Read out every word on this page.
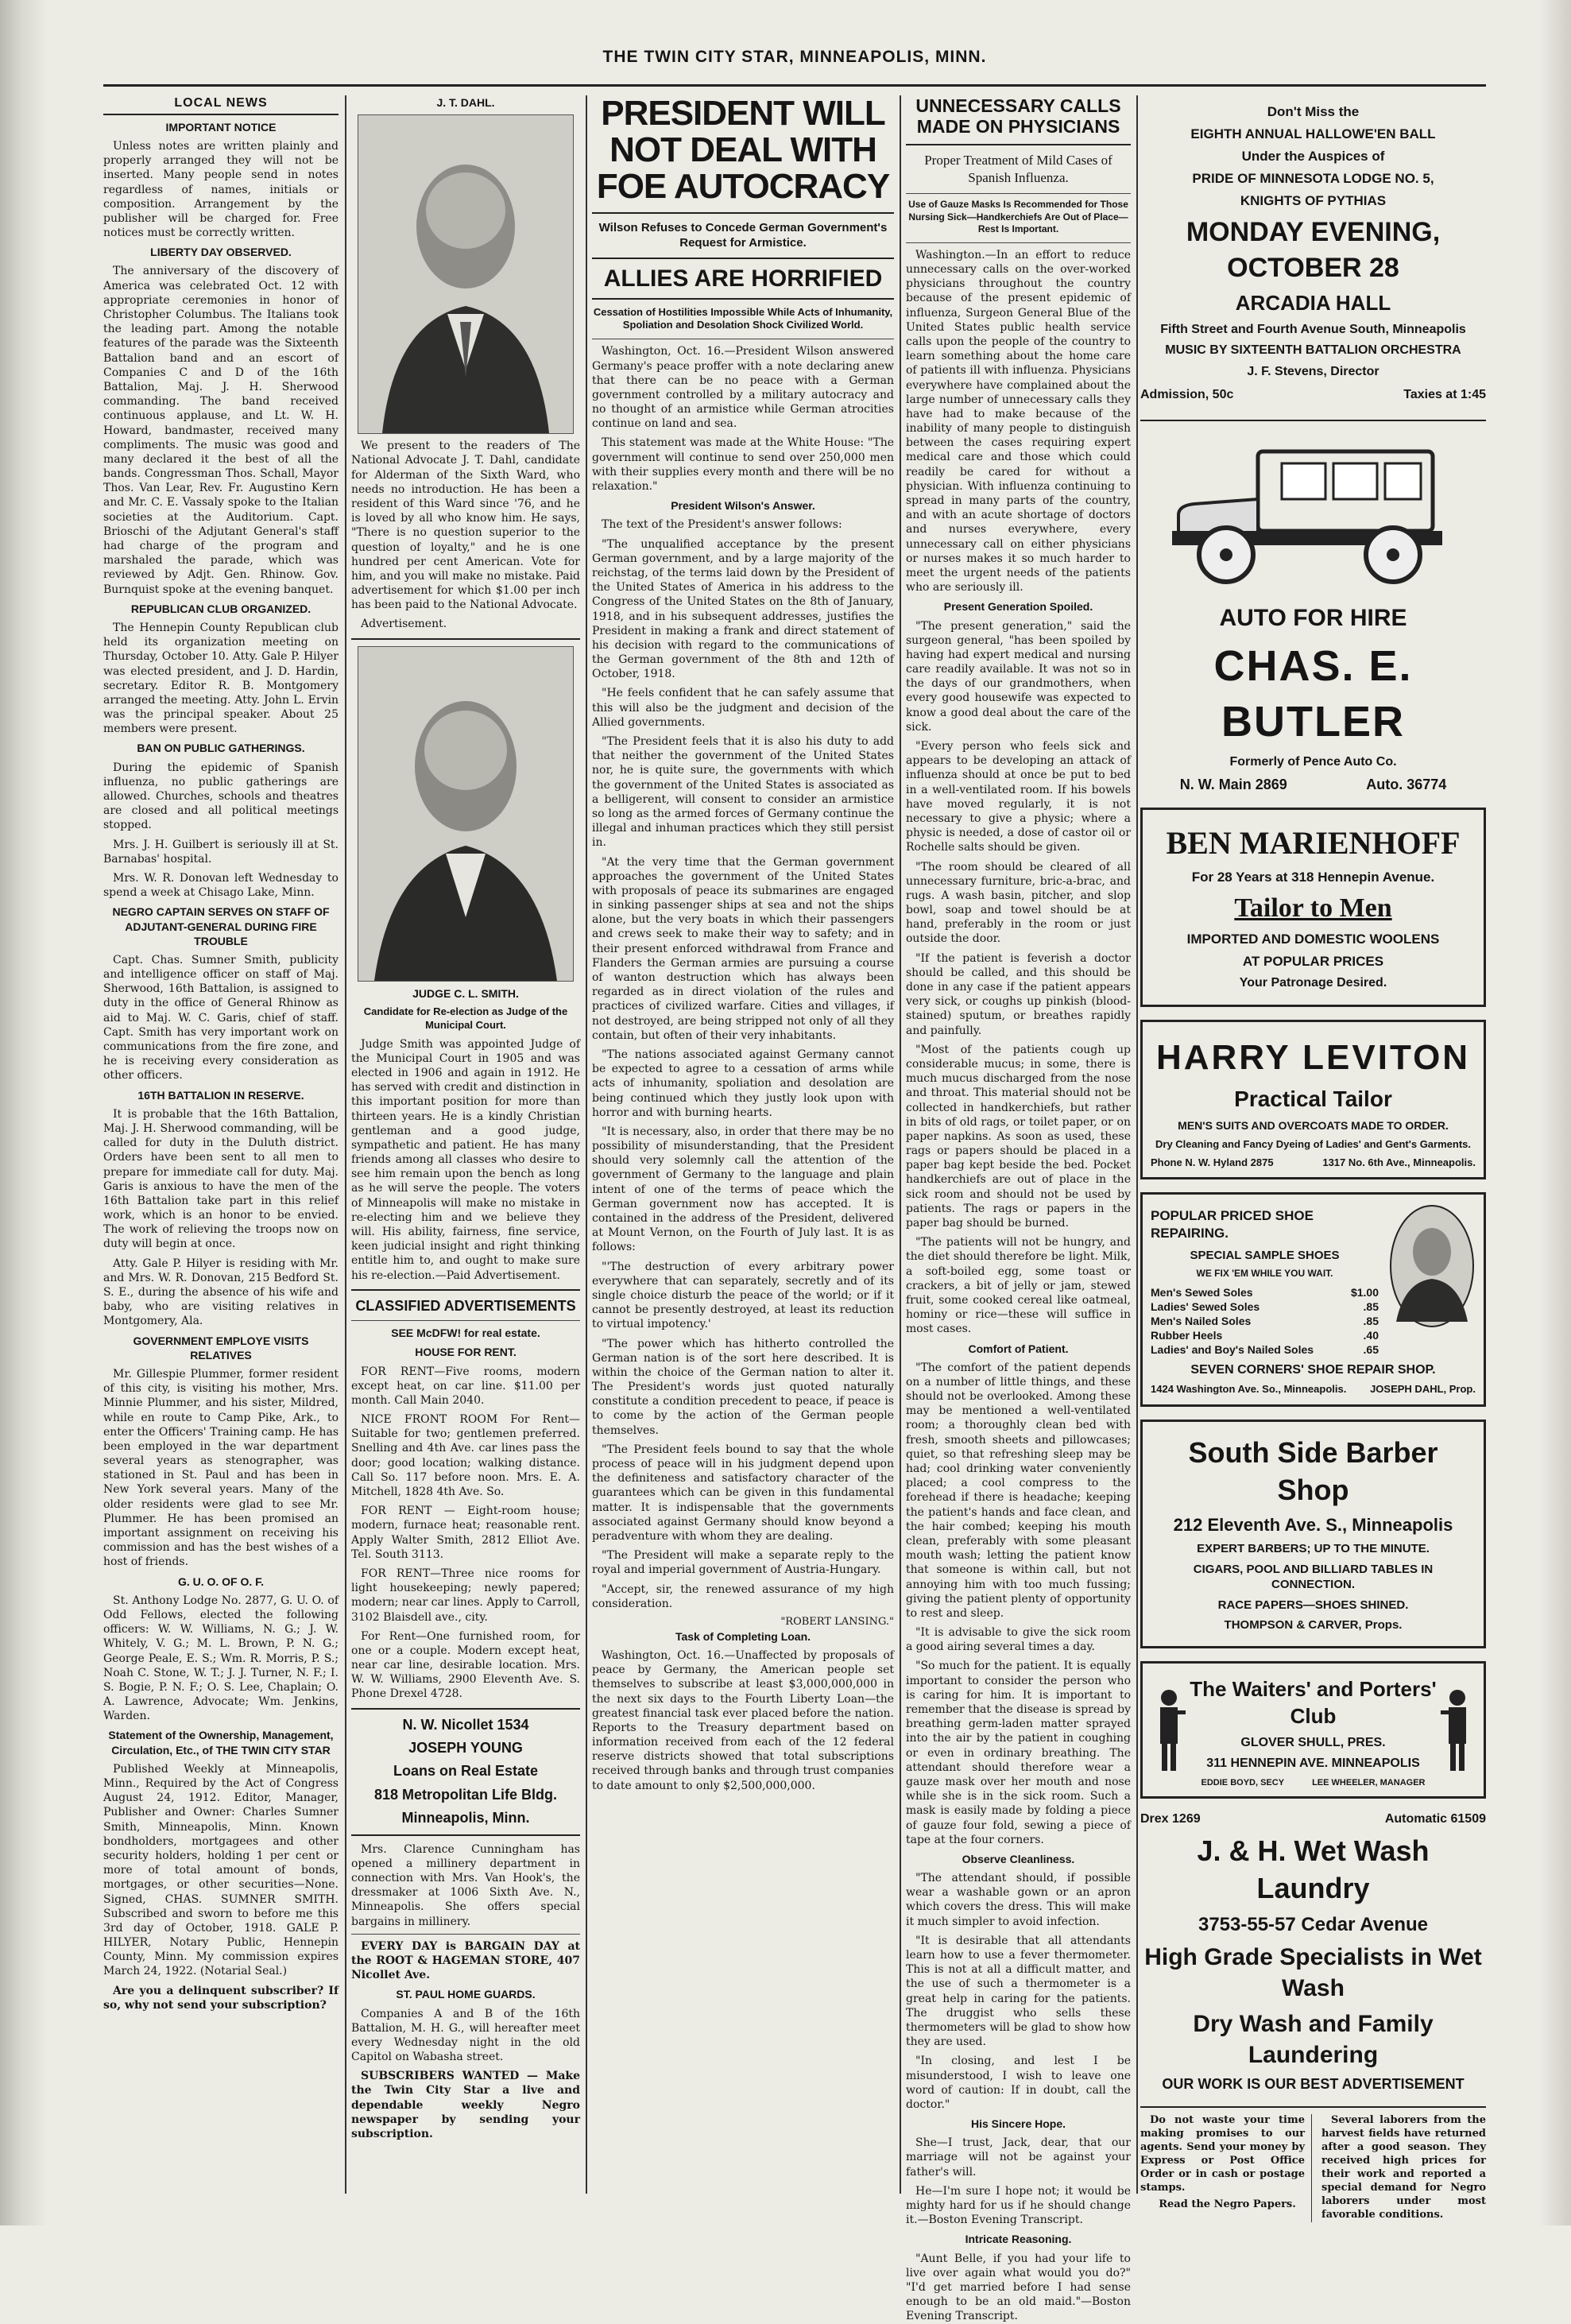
THE TWIN CITY STAR, MINNEAPOLIS, MINN.
LOCAL NEWS
IMPORTANT NOTICE

Unless notes are written plainly and properly arranged they will not be inserted. Many people send in notes regardless of names, initials or composition. Arrangement by the publisher will be charged for. Free notices must be correctly written.

LIBERTY DAY OBSERVED.

The anniversary of the discovery of America was celebrated Oct. 12 with appropriate ceremonies in honor of Christopher Columbus. The Italians took the leading part. Among the notable features of the parade was the Sixteenth Battalion band and an escort of Companies C and D of the 16th Battalion, Maj. J. H. Sherwood commanding. The band received continuous applause, and Lt. W. H. Howard, bandmaster, received many compliments. The music was good and many declared it the best of all the bands. Congressman Thos. Schall, Mayor Thos. Van Lear, Rev. Fr. Augustino Kern and Mr. C. E. Vassaly spoke to the Italian societies at the Auditorium. Capt. Brioschi of the Adjutant General's staff had charge of the program and marshaled the parade, which was reviewed by Adjt. Gen. Rhinow. Gov. Burnquist spoke at the evening banquet.

REPUBLICAN CLUB ORGANIZED.

The Hennepin County Republican club held its organization meeting on Thursday, October 10. Atty. Gale P. Hilyer was elected president, and J. D. Hardin, secretary. Editor R. B. Montgomery arranged the meeting. Atty. John L. Ervin was the principal speaker. About 25 members were present.

BAN ON PUBLIC GATHERINGS.

During the epidemic of Spanish influenza, no public gatherings are allowed. Churches, schools and theatres are closed and all political meetings stopped.

Mrs. J. H. Guilbert is seriously ill at St. Barnabas' hospital.

Mrs. W. R. Donovan left Wednesday to spend a week at Chisago Lake, Minn.

NEGRO CAPTAIN SERVES ON STAFF OF ADJUTANT-GENERAL DURING FIRE TROUBLE

Capt. Chas. Sumner Smith, publicity and intelligence officer on staff of Maj. Sherwood, 16th Battalion, is assigned to duty in the office of General Rhinow as aid to Maj. W. C. Garis, chief of staff. Capt. Smith has very important work on communications from the fire zone, and he is receiving every consideration as other officers.

16TH BATTALION IN RESERVE.

It is probable that the 16th Battalion, Maj. J. H. Sherwood commanding, will be called for duty in the Duluth district. Orders have been sent to all men to prepare for immediate call for duty. Maj. Garis is anxious to have the men of the 16th Battalion take part in this relief work, which is an honor to be envied. The work of relieving the troops now on duty will begin at once.

Atty. Gale P. Hilyer is residing with Mr. and Mrs. W. R. Donovan, 215 Bedford St. S. E., during the absence of his wife and baby, who are visiting relatives in Montgomery, Ala.

GOVERNMENT EMPLOYE VISITS RELATIVES

Mr. Gillespie Plummer, former resident of this city, is visiting his mother, Mrs. Minnie Plummer, and his sister, Mildred, while en route to Camp Pike, Ark., to enter the Officers' Training camp. He has been employed in the war department several years as stenographer, was stationed in St. Paul and has been in New York several years. Many of the older residents were glad to see Mr. Plummer. He has been promised an important assignment on receiving his commission and has the best wishes of a host of friends.

G. U. O. OF O. F.

St. Anthony Lodge No. 2877, G. U. O. of Odd Fellows, elected the following officers: W. W. Williams, N. G.; J. W. Whitely, V. G.; M. L. Brown, P. N. G.; George Peale, E. S.; Wm. R. Morris, P. S.; Noah C. Stone, W. T.; J. J. Turner, N. F.; I. S. Bogie, P. N. F.; O. S. Lee, Chaplain; O. A. Lawrence, Advocate; Wm. Jenkins, Warden.

Statement of the Ownership, Management, Circulation, Etc., of THE TWIN CITY STAR

Published Weekly at Minneapolis, Minn., Required by the Act of Congress August 24, 1912. Editor, Manager, Publisher and Owner: Charles Sumner Smith, Minneapolis, Minn. Known bondholders, mortgagees and other security holders, holding 1 per cent or more of total amount of bonds, mortgages, or other securities—None. Signed, CHAS. SUMNER SMITH. Subscribed and sworn to before me this 3rd day of October, 1918. GALE P. HILYER, Notary Public, Hennepin County, Minn. My commission expires March 24, 1922. (Notarial Seal.)

Are you a delinquent subscriber? If so, why not send your subscription?

J. T. DAHL.

We present to the readers of The National Advocate J. T. Dahl, candidate for Alderman of the Sixth Ward, who needs no introduction. He has been a resident of this Ward since '76, and he is loved by all who know him. He says, "There is no question superior to the question of loyalty," and he is one hundred per cent American. Vote for him, and you will make no mistake. Paid advertisement for which $1.00 per inch has been paid to the National Advocate.

Advertisement.

JUDGE C. L. SMITH.
Candidate for Re-election as Judge of the Municipal Court.

Judge Smith was appointed Judge of the Municipal Court in 1905 and was elected in 1906 and again in 1912. He has served with credit and distinction in this important position for more than thirteen years. He is a kindly Christian gentleman and a good judge, sympathetic and patient. He has many friends among all classes who desire to see him remain upon the bench as long as he will serve the people. The voters of Minneapolis will make no mistake in re-electing him and we believe they will. His ability, fairness, fine service, keen judicial insight and right thinking entitle him to, and ought to make sure his re-election.—Paid Advertisement.

CLASSIFIED ADVERTISEMENTS
SEE McDFW! for real estate.
HOUSE FOR RENT.

FOR RENT—Five rooms, modern except heat, on car line. $11.00 per month. Call Main 2040.

NICE FRONT ROOM For Rent—Suitable for two; gentlemen preferred. Snelling and 4th Ave. car lines pass the door; good location; walking distance. Call So. 117 before noon. Mrs. E. A. Mitchell, 1828 4th Ave. So.

FOR RENT — Eight-room house; modern, furnace heat; reasonable rent. Apply Walter Smith, 2812 Elliot Ave. Tel. South 3113.

FOR RENT—Three nice rooms for light housekeeping; newly papered; modern; near car lines. Apply to Carroll, 3102 Blaisdell ave., city.

For Rent—One furnished room, for one or a couple. Modern except heat, near car line, desirable location. Mrs. W. W. Williams, 2900 Eleventh Ave. S. Phone Drexel 4728.

N. W. Nicollet 1534
JOSEPH YOUNG
Loans on Real Estate
818 Metropolitan Life Bldg.
Minneapolis, Minn.

Mrs. Clarence Cunningham has opened a millinery department in connection with Mrs. Van Hook's, the dressmaker at 1006 Sixth Ave. N., Minneapolis. She offers special bargains in millinery.

EVERY DAY is BARGAIN DAY at the ROOT & HAGEMAN STORE, 407 Nicollet Ave.

ST. PAUL HOME GUARDS.

Companies A and B of the 16th Battalion, M. H. G., will hereafter meet every Wednesday night in the old Capitol on Wabasha street.

SUBSCRIBERS WANTED — Make the Twin City Star a live and dependable weekly Negro newspaper by sending your subscription.

PRESIDENT WILL NOT DEAL WITH FOE AUTOCRACY
Wilson Refuses to Concede German Government's Request for Armistice.
ALLIES ARE HORRIFIED
Cessation of Hostilities Impossible While Acts of Inhumanity, Spoliation and Desolation Shock Civilized World.

Washington, Oct. 16.—President Wilson answered Germany's peace proffer with a note declaring anew that there can be no peace with a German government controlled by a military autocracy and no thought of an armistice while German atrocities continue on land and sea.

This statement was made at the White House: "The government will continue to send over 250,000 men with their supplies every month and there will be no relaxation."

President Wilson's Answer.

The text of the President's answer follows:

"The unqualified acceptance by the present German government, and by a large majority of the reichstag, of the terms laid down by the President of the United States of America in his address to the Congress of the United States on the 8th of January, 1918, and in his subsequent addresses, justifies the President in making a frank and direct statement of his decision with regard to the communications of the German government of the 8th and 12th of October, 1918.

"He feels confident that he can safely assume that this will also be the judgment and decision of the Allied governments.

"The President feels that it is also his duty to add that neither the government of the United States nor, he is quite sure, the governments with which the government of the United States is associated as a belligerent, will consent to consider an armistice so long as the armed forces of Germany continue the illegal and inhuman practices which they still persist in.

"At the very time that the German government approaches the government of the United States with proposals of peace its submarines are engaged in sinking passenger ships at sea and not the ships alone, but the very boats in which their passengers and crews seek to make their way to safety; and in their present enforced withdrawal from France and Flanders the German armies are pursuing a course of wanton destruction which has always been regarded as in direct violation of the rules and practices of civilized warfare. Cities and villages, if not destroyed, are being stripped not only of all they contain, but often of their very inhabitants.

"The nations associated against Germany cannot be expected to agree to a cessation of arms while acts of inhumanity, spoliation and desolation are being continued which they justly look upon with horror and with burning hearts.

"It is necessary, also, in order that there may be no possibility of misunderstanding, that the President should very solemnly call the attention of the government of Germany to the language and plain intent of one of the terms of peace which the German government now has accepted. It is contained in the address of the President, delivered at Mount Vernon, on the Fourth of July last. It is as follows:

"'The destruction of every arbitrary power everywhere that can separately, secretly and of its single choice disturb the peace of the world; or if it cannot be presently destroyed, at least its reduction to virtual impotency.'

"The power which has hitherto controlled the German nation is of the sort here described. It is within the choice of the German nation to alter it. The President's words just quoted naturally constitute a condition precedent to peace, if peace is to come by the action of the German people themselves.

"The President feels bound to say that the whole process of peace will in his judgment depend upon the definiteness and satisfactory character of the guarantees which can be given in this fundamental matter. It is indispensable that the governments associated against Germany should know beyond a peradventure with whom they are dealing.

"The President will make a separate reply to the royal and imperial government of Austria-Hungary.

"Accept, sir, the renewed assurance of my high consideration.

"ROBERT LANSING."
Task of Completing Loan.

Washington, Oct. 16.—Unaffected by proposals of peace by Germany, the American people set themselves to subscribe at least $3,000,000,000 in the next six days to the Fourth Liberty Loan—the greatest financial task ever placed before the nation. Reports to the Treasury department based on information received from each of the 12 federal reserve districts showed that total subscriptions received through banks and through trust companies to date amount to only $2,500,000,000.

UNNECESSARY CALLS MADE ON PHYSICIANS
Proper Treatment of Mild Cases of Spanish Influenza.
Use of Gauze Masks Is Recommended for Those Nursing Sick—Handkerchiefs Are Out of Place—Rest Is Important.

Washington.—In an effort to reduce unnecessary calls on the over-worked physicians throughout the country because of the present epidemic of influenza, Surgeon General Blue of the United States public health service calls upon the people of the country to learn something about the home care of patients ill with influenza. Physicians everywhere have complained about the large number of unnecessary calls they have had to make because of the inability of many people to distinguish between the cases requiring expert medical care and those which could readily be cared for without a physician. With influenza continuing to spread in many parts of the country, and with an acute shortage of doctors and nurses everywhere, every unnecessary call on either physicians or nurses makes it so much harder to meet the urgent needs of the patients who are seriously ill.

Present Generation Spoiled.

"The present generation," said the surgeon general, "has been spoiled by having had expert medical and nursing care readily available. It was not so in the days of our grandmothers, when every good housewife was expected to know a good deal about the care of the sick.

"Every person who feels sick and appears to be developing an attack of influenza should at once be put to bed in a well-ventilated room. If his bowels have moved regularly, it is not necessary to give a physic; where a physic is needed, a dose of castor oil or Rochelle salts should be given.

"The room should be cleared of all unnecessary furniture, bric-a-brac, and rugs. A wash basin, pitcher, and slop bowl, soap and towel should be at hand, preferably in the room or just outside the door.

"If the patient is feverish a doctor should be called, and this should be done in any case if the patient appears very sick, or coughs up pinkish (blood-stained) sputum, or breathes rapidly and painfully.

"Most of the patients cough up considerable mucus; in some, there is much mucus discharged from the nose and throat. This material should not be collected in handkerchiefs, but rather in bits of old rags, or toilet paper, or on paper napkins. As soon as used, these rags or papers should be placed in a paper bag kept beside the bed. Pocket handkerchiefs are out of place in the sick room and should not be used by patients. The rags or papers in the paper bag should be burned.

"The patients will not be hungry, and the diet should therefore be light. Milk, a soft-boiled egg, some toast or crackers, a bit of jelly or jam, stewed fruit, some cooked cereal like oatmeal, hominy or rice—these will suffice in most cases.

Comfort of Patient.

"The comfort of the patient depends on a number of little things, and these should not be overlooked. Among these may be mentioned a well-ventilated room; a thoroughly clean bed with fresh, smooth sheets and pillowcases; quiet, so that refreshing sleep may be had; cool drinking water conveniently placed; a cool compress to the forehead if there is headache; keeping the patient's hands and face clean, and the hair combed; keeping his mouth clean, preferably with some pleasant mouth wash; letting the patient know that someone is within call, but not annoying him with too much fussing; giving the patient plenty of opportunity to rest and sleep.

"It is advisable to give the sick room a good airing several times a day.

"So much for the patient. It is equally important to consider the person who is caring for him. It is important to remember that the disease is spread by breathing germ-laden matter sprayed into the air by the patient in coughing or even in ordinary breathing. The attendant should therefore wear a gauze mask over her mouth and nose while she is in the sick room. Such a mask is easily made by folding a piece of gauze four fold, sewing a piece of tape at the four corners.

Observe Cleanliness.

"The attendant should, if possible wear a washable gown or an apron which covers the dress. This will make it much simpler to avoid infection.

"It is desirable that all attendants learn how to use a fever thermometer. This is not at all a difficult matter, and the use of such a thermometer is a great help in caring for the patients. The druggist who sells these thermometers will be glad to show how they are used.

"In closing, and lest I be misunderstood, I wish to leave one word of caution: If in doubt, call the doctor."

His Sincere Hope.

She—I trust, Jack, dear, that our marriage will not be against your father's will.

He—I'm sure I hope not; it would be mighty hard for us if he should change it.—Boston Evening Transcript.

Intricate Reasoning.

"Aunt Belle, if you had your life to live over again what would you do?" "I'd get married before I had sense enough to be an old maid."—Boston Evening Transcript.

Don't Miss the
EIGHTH ANNUAL HALLOWE'EN BALL
Under the Auspices of
PRIDE OF MINNESOTA LODGE NO. 5,
KNIGHTS OF PYTHIAS
MONDAY EVENING, OCTOBER 28
ARCADIA HALL
Fifth Street and Fourth Avenue South, Minneapolis
MUSIC BY SIXTEENTH BATTALION ORCHESTRA
J. F. Stevens, Director
Admission, 50c	Taxies at 1:45
AUTO FOR HIRE
CHAS. E. BUTLER
Formerly of Pence Auto Co.
N. W. Main 2869	Auto. 36774
BEN MARIENHOFF
For 28 Years at 318 Hennepin Avenue.
Tailor to Men
IMPORTED AND DOMESTIC WOOLENS
AT POPULAR PRICES
Your Patronage Desired.
HARRY LEVITON
Practical Tailor
MEN'S SUITS AND OVERCOATS MADE TO ORDER.
Dry Cleaning and Fancy Dyeing of Ladies' and Gent's Garments.
Phone N. W. Hyland 2875	1317 No. 6th Ave., Minneapolis.
POPULAR PRICED SHOE REPAIRING.
SPECIAL SAMPLE SHOES
WE FIX 'EM WHILE YOU WAIT.
Men's Sewed Soles	$1.00
Ladies' Sewed Soles	.85
Men's Nailed Soles	.85
Rubber Heels	.40
Ladies' and Boy's Nailed Soles	.65
SEVEN CORNERS' SHOE REPAIR SHOP.
1424 Washington Ave. So., Minneapolis. JOSEPH DAHL, Prop.
South Side Barber Shop
212 Eleventh Ave. S., Minneapolis
EXPERT BARBERS; UP TO THE MINUTE.
CIGARS, POOL AND BILLIARD TABLES IN CONNECTION.
RACE PAPERS—SHOES SHINED.
THOMPSON & CARVER, Props.
The Waiters' and Porters' Club
GLOVER SHULL, PRES.
311 HENNEPIN AVE. MINNEAPOLIS
EDDIE BOYD, SECY	LEE WHEELER, MANAGER
Drex 1269	Automatic 61509
J. & H. Wet Wash Laundry
3753-55-57 Cedar Avenue
High Grade Specialists in Wet Wash
Dry Wash and Family Laundering
OUR WORK IS OUR BEST ADVERTISEMENT

Do not waste your time making promises to our agents. Send your money by Express or Post Office Order or in cash or postage stamps.

Read the Negro Papers.

Several laborers from the harvest fields have returned after a good season. They received high prices for their work and reported a special demand for Negro laborers under most favorable conditions.
